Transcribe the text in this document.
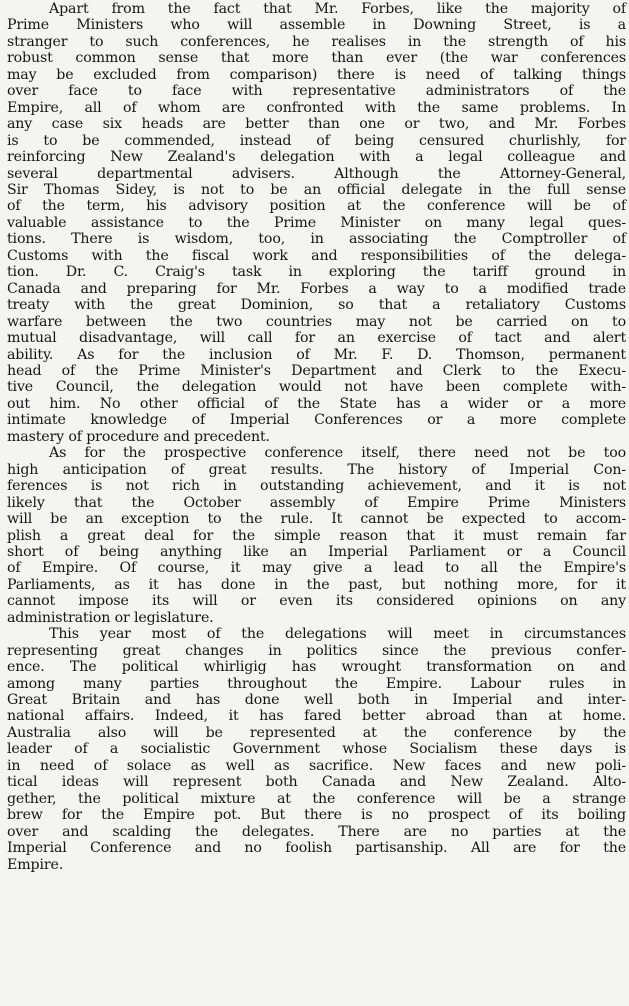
Apart from the fact that Mr. Forbes, like the majority of
Prime Ministers who will assemble in Downing Street, is a
stranger to such conferences, he realises in the strength of his
robust common sense that more than ever (the war conferences
may be excluded from comparison) there is need of talking things
over face to face with representative administrators of the
Empire, all of whom are confronted with the same problems. In
any case six heads are better than one or two, and Mr. Forbes
is to be commended, instead of being censured churlishly, for
reinforcing New Zealand's delegation with a legal colleague and
several departmental advisers. Although the Attorney-General,
Sir Thomas Sidey, is not to be an official delegate in the full sense
of the term, his advisory position at the conference will be of
valuable assistance to the Prime Minister on many legal ques-
tions. There is wisdom, too, in associating the Comptroller of
Customs with the fiscal work and responsibilities of the delega-
tion. Dr. C. Craig's task in exploring the tariff ground in
Canada and preparing for Mr. Forbes a way to a modified trade
treaty with the great Dominion, so that a retaliatory Customs
warfare between the two countries may not be carried on to
mutual disadvantage, will call for an exercise of tact and alert
ability. As for the inclusion of Mr. F. D. Thomson, permanent
head of the Prime Minister's Department and Clerk to the Execu-
tive Council, the delegation would not have been complete with-
out him. No other official of the State has a wider or a more
intimate knowledge of Imperial Conferences or a more complete
mastery of procedure and precedent.
As for the prospective conference itself, there need not be too
high anticipation of great results. The history of Imperial Con-
ferences is not rich in outstanding achievement, and it is not
likely that the October assembly of Empire Prime Ministers
will be an exception to the rule. It cannot be expected to accom-
plish a great deal for the simple reason that it must remain far
short of being anything like an Imperial Parliament or a Council
of Empire. Of course, it may give a lead to all the Empire's
Parliaments, as it has done in the past, but nothing more, for it
cannot impose its will or even its considered opinions on any
administration or legislature.
This year most of the delegations will meet in circumstances
representing great changes in politics since the previous confer-
ence. The political whirligig has wrought transformation on and
among many parties throughout the Empire. Labour rules in
Great Britain and has done well both in Imperial and inter-
national affairs. Indeed, it has fared better abroad than at home.
Australia also will be represented at the conference by the
leader of a socialistic Government whose Socialism these days is
in need of solace as well as sacrifice. New faces and new poli-
tical ideas will represent both Canada and New Zealand. Alto-
gether, the political mixture at the conference will be a strange
brew for the Empire pot. But there is no prospect of its boiling
over and scalding the delegates. There are no parties at the
Imperial Conference and no foolish partisanship. All are for the
Empire.
